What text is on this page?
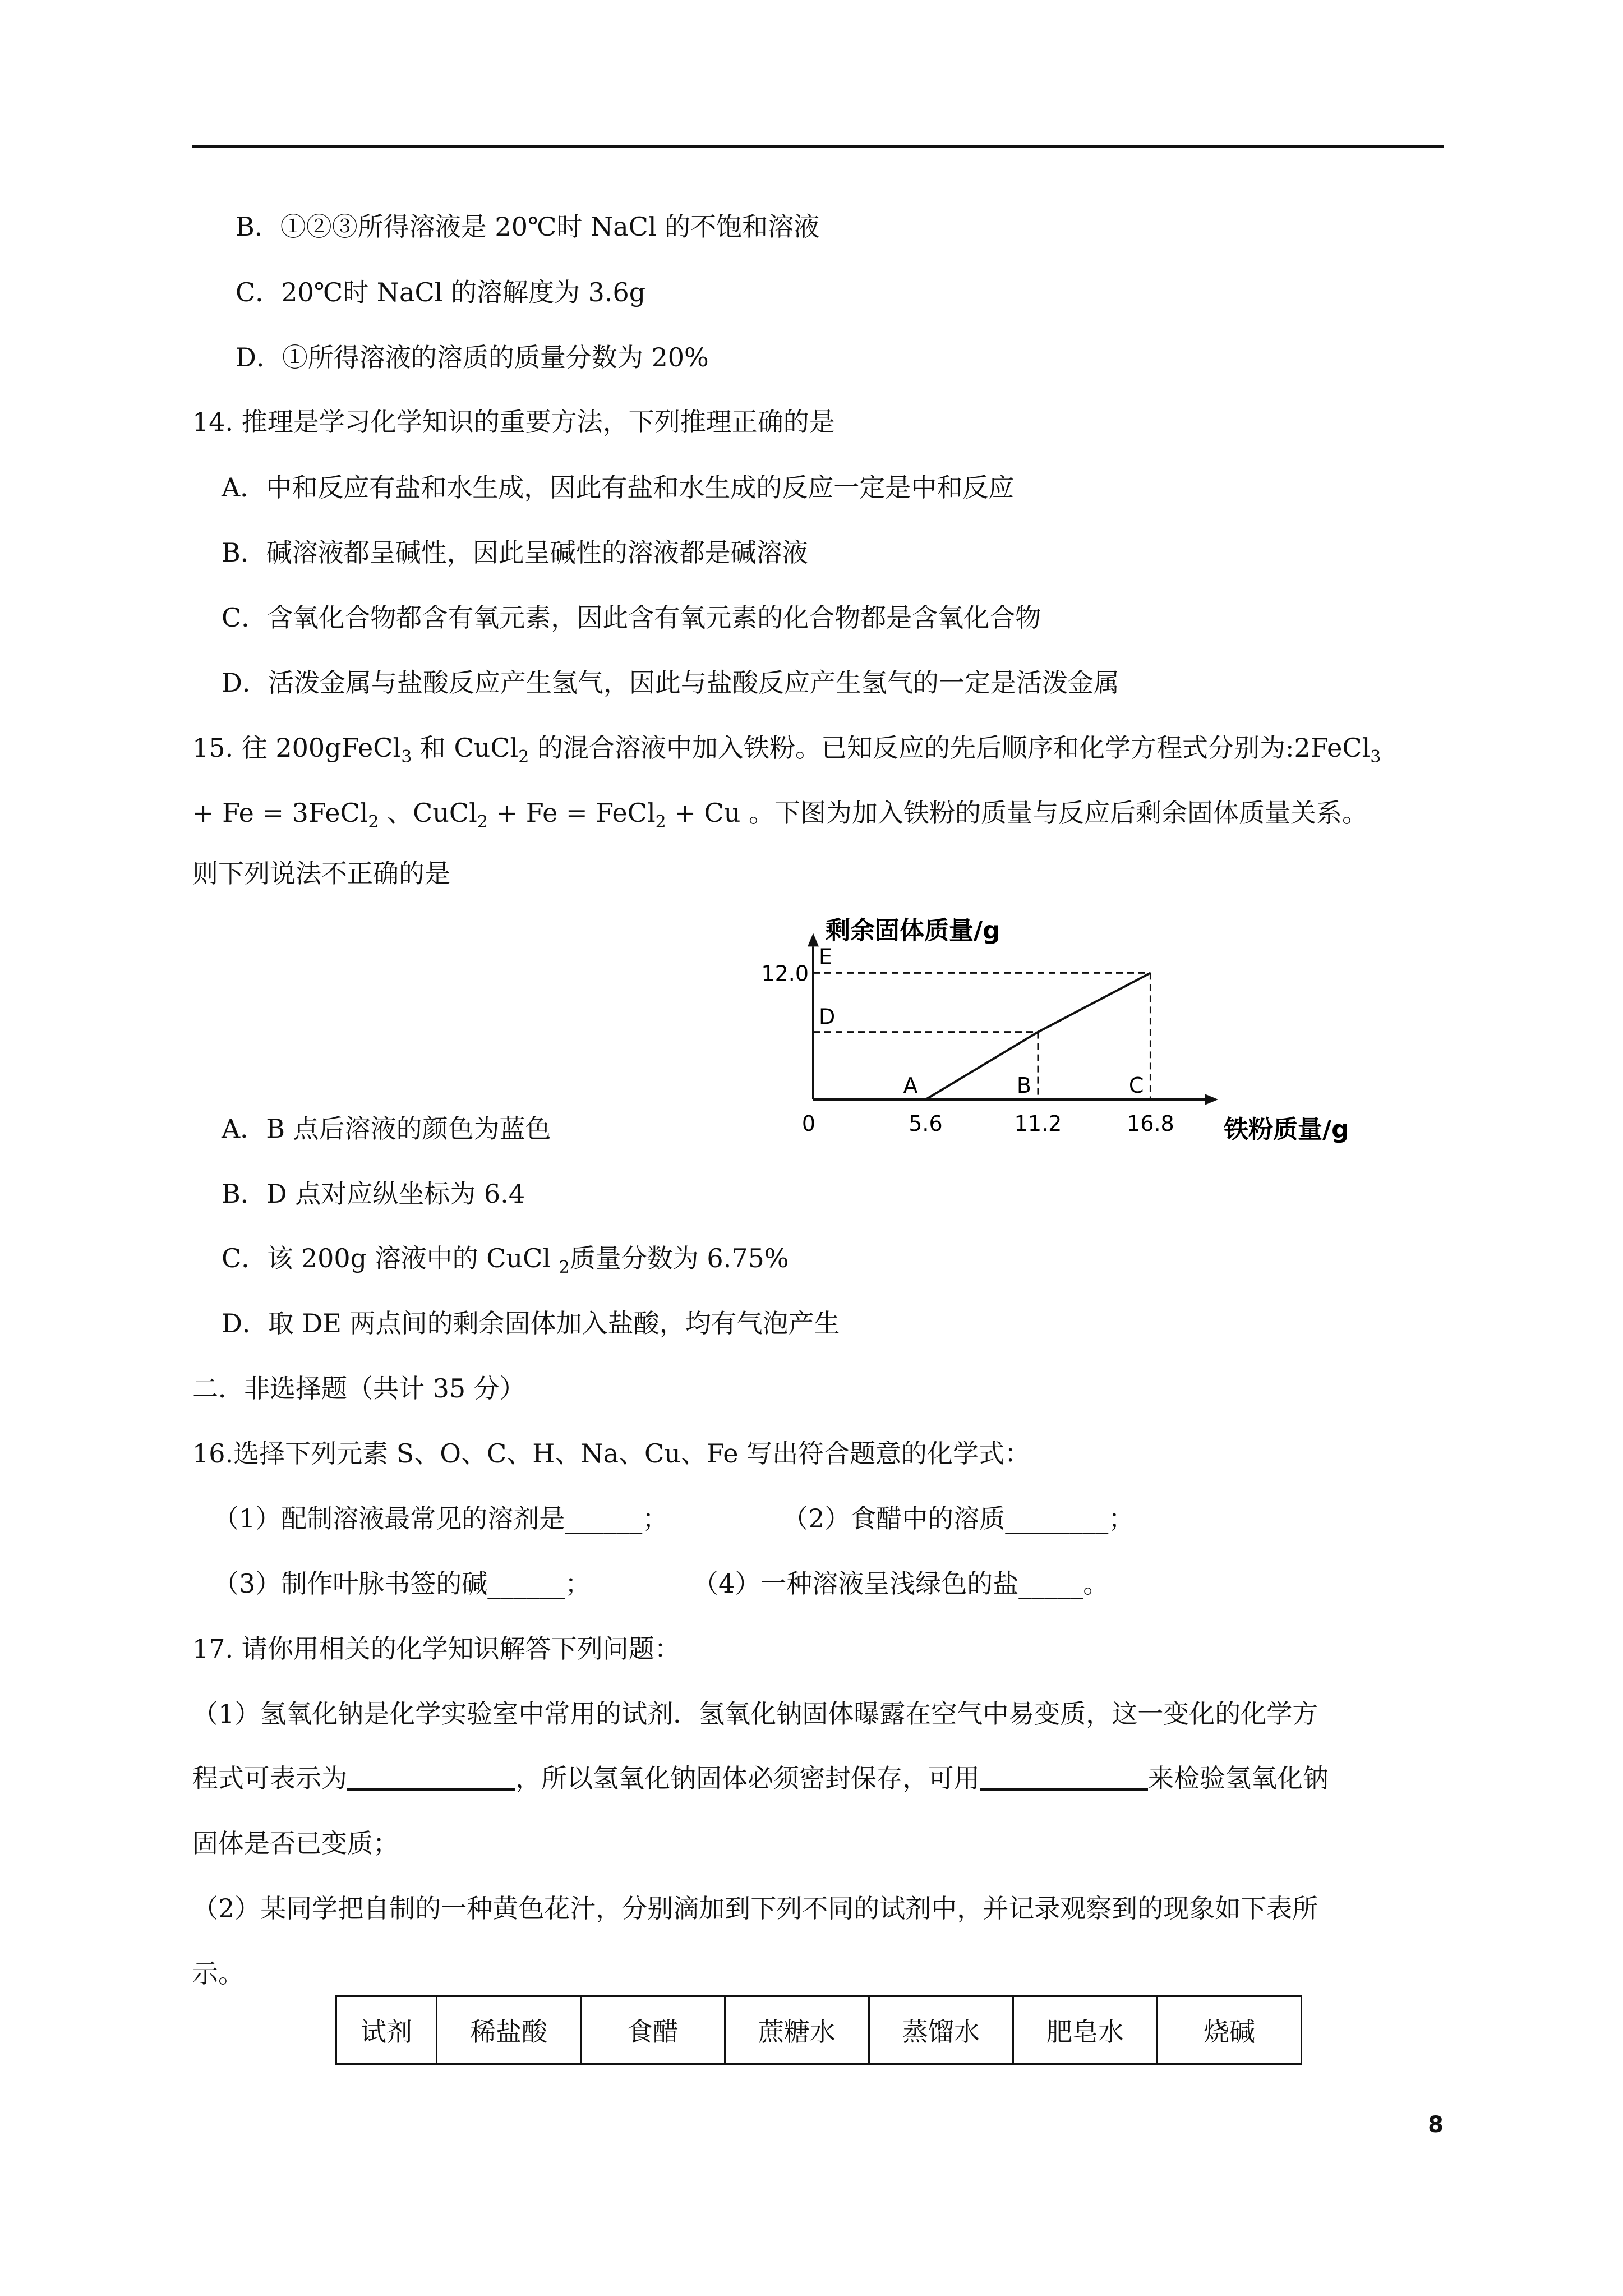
B．①②③所得溶液是 20℃时 NaCl 的不饱和溶液
C．20℃时 NaCl 的溶解度为 3.6g
D．①所得溶液的溶质的质量分数为 20%
14. 推理是学习化学知识的重要方法，下列推理正确的是
A．中和反应有盐和水生成，因此有盐和水生成的反应一定是中和反应
B．碱溶液都呈碱性，因此呈碱性的溶液都是碱溶液
C．含氧化合物都含有氧元素，因此含有氧元素的化合物都是含氧化合物
D．活泼金属与盐酸反应产生氢气，因此与盐酸反应产生氢气的一定是活泼金属
15. 往 200gFeCl$_3$ 和 CuCl$_2$ 的混合溶液中加入铁粉。已知反应的先后顺序和化学方程式分别为:2FeCl$_3$
+ Fe = 3FeCl$_2$ 、CuCl$_2$ + Fe = FeCl$_2$ + Cu 。下图为加入铁粉的质量与反应后剩余固体质量关系。
则下列说法不正确的是
0	5.6	11.2	16.8
12.0
A	B	C
D
E
剩余固体质量/g
铁粉质量/g
A．B 点后溶液的颜色为蓝色
B．D 点对应纵坐标为 6.4
C．该 200g 溶液中的 CuCl $_2$质量分数为 6.75%
D．取 DE 两点间的剩余固体加入盐酸，均有气泡产生
二．非选择题（共计 35 分）
16.选择下列元素 S、O、C、H、Na、Cu、Fe 写出符合题意的化学式：
（1）配制溶液最常见的溶剂是______；	（2）食醋中的溶质________；
（3）制作叶脉书签的碱______；	（4）一种溶液呈浅绿色的盐_____。
17. 请你用相关的化学知识解答下列问题：
（1）氢氧化钠是化学实验室中常用的试剂．氢氧化钠固体曝露在空气中易变质，这一变化的化学方
程式可表示为	，所以氢氧化钠固体必须密封保存，可用	来检验氢氧化钠
固体是否已变质；
（2）某同学把自制的一种黄色花汁，分别滴加到下列不同的试剂中，并记录观察到的现象如下表所
示。
试剂	稀盐酸	食醋	蔗糖水	蒸馏水	肥皂水	烧碱
8
